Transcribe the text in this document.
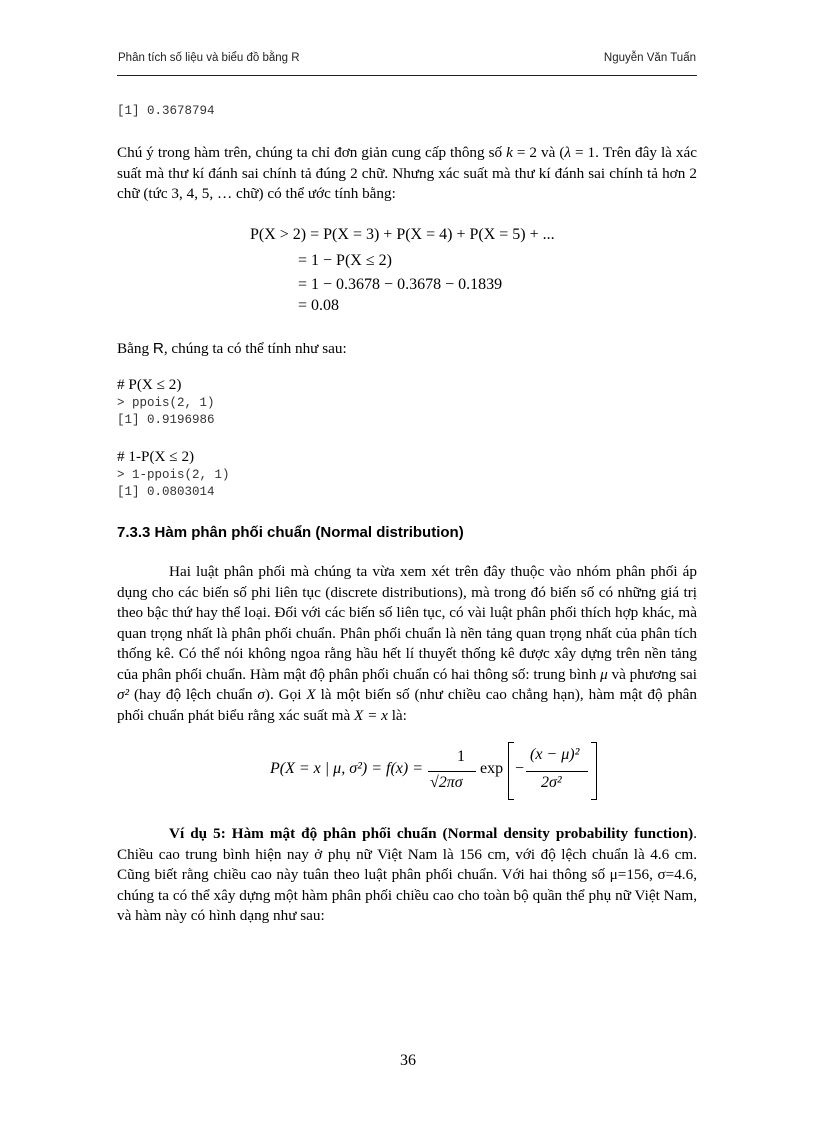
Phân tích số liệu và biểu đồ bằng R	Nguyễn Văn Tuấn
[1] 0.3678794

Chú ý trong hàm trên, chúng ta chỉ đơn giản cung cấp thông số k = 2 và (λ = 1. Trên đây là xác suất mà thư kí đánh sai chính tả đúng 2 chữ. Nhưng xác suất mà thư kí đánh sai chính tả hơn 2 chữ (tức 3, 4, 5, … chữ) có thể ước tính bằng:

P(X > 2) = P(X = 3) + P(X = 4) + P(X = 5) + ...
= 1 − P(X ≤ 2)
= 1 − 0.3678 − 0.3678 − 0.1839
= 0.08

Bằng R, chúng ta có thể tính như sau:

# P(X ≤ 2)

> ppois(2, 1)
[1] 0.9196986

# 1-P(X ≤ 2)

> 1-ppois(2, 1)
[1] 0.0803014
7.3.3 Hàm phân phối chuẩn (Normal distribution)

Hai luật phân phối mà chúng ta vừa xem xét trên đây thuộc vào nhóm phân phối áp dụng cho các biến số phi liên tục (discrete distributions), mà trong đó biến số có những giá trị theo bậc thứ hay thể loại. Đối với các biến số liên tục, có vài luật phân phối thích hợp khác, mà quan trọng nhất là phân phối chuẩn. Phân phối chuẩn là nền tảng quan trọng nhất của phân tích thống kê. Có thể nói không ngoa rằng hầu hết lí thuyết thống kê được xây dựng trên nền tảng của phân phối chuẩn. Hàm mật độ phân phối chuẩn có hai thông số: trung bình μ và phương sai σ² (hay độ lệch chuẩn σ). Gọi X là một biến số (như chiều cao chẳng hạn), hàm mật độ phân phối chuẩn phát biểu rằng xác suất mà X = x là:

P(X = x | μ, σ²) = f(x) =
1
√2πσ
exp −
(x − μ)²
2σ²

Ví dụ 5: Hàm mật độ phân phối chuẩn (Normal density probability function). Chiều cao trung bình hiện nay ở phụ nữ Việt Nam là 156 cm, với độ lệch chuẩn là 4.6 cm. Cũng biết rằng chiều cao này tuân theo luật phân phối chuẩn. Với hai thông số μ=156, σ=4.6, chúng ta có thể xây dựng một hàm phân phối chiều cao cho toàn bộ quần thể phụ nữ Việt Nam, và hàm này có hình dạng như sau:

36
